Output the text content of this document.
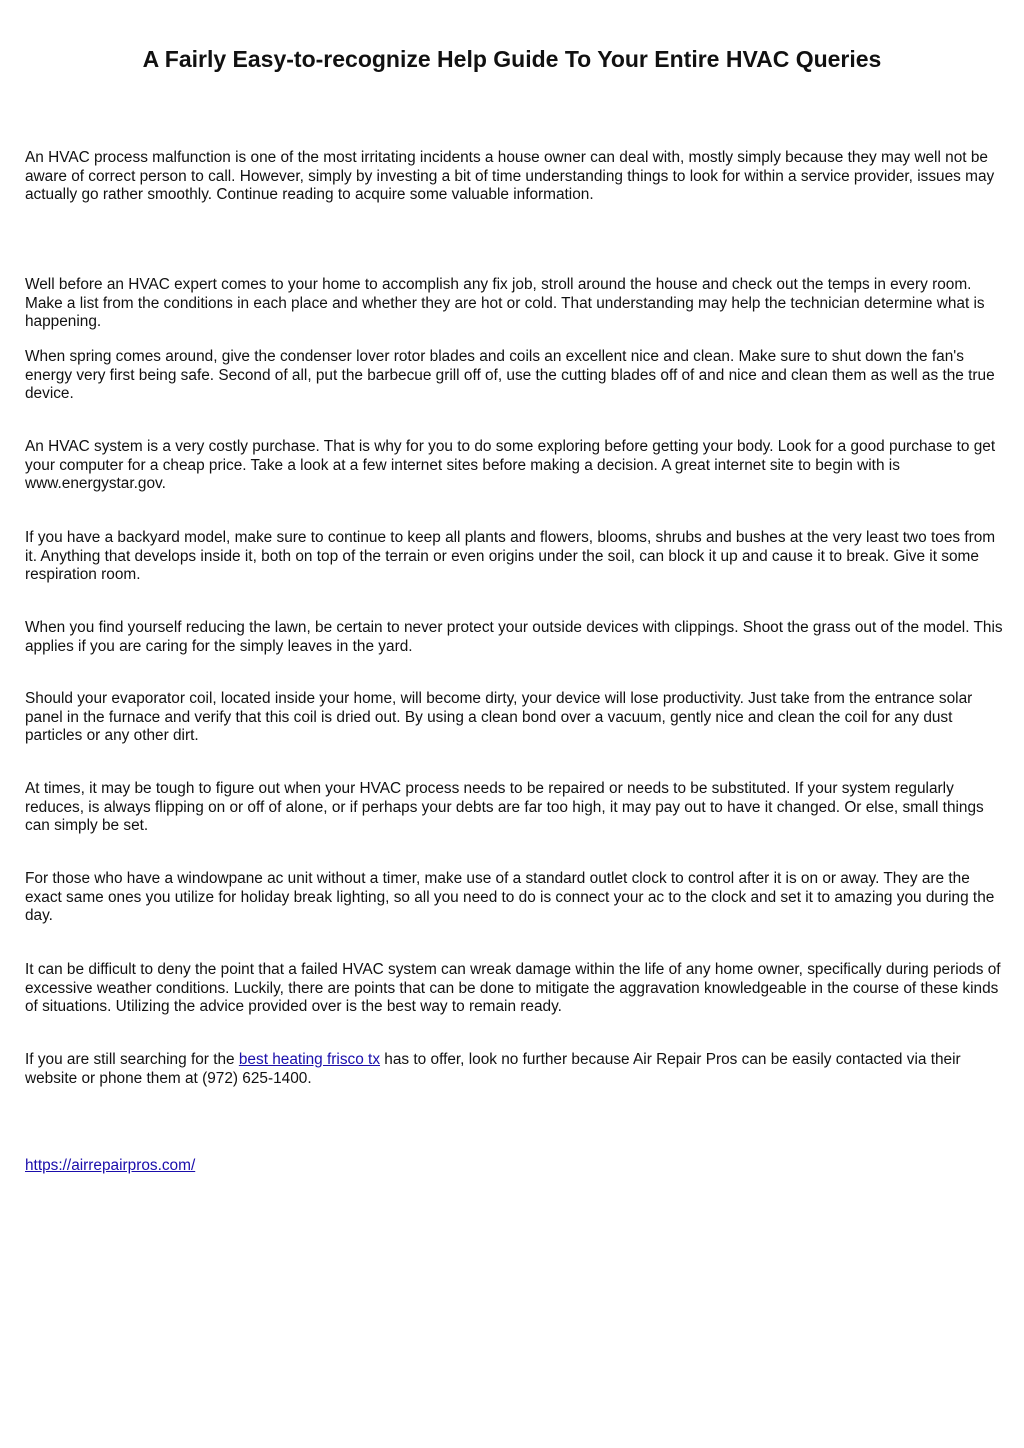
A Fairly Easy-to-recognize Help Guide To Your Entire HVAC Queries

An HVAC process malfunction is one of the most irritating incidents a house owner can deal with, mostly simply because they may well not be aware of correct person to call. However, simply by investing a bit of time understanding things to look for within a service provider, issues may actually go rather smoothly. Continue reading to acquire some valuable information.

Well before an HVAC expert comes to your home to accomplish any fix job, stroll around the house and check out the temps in every room. Make a list from the conditions in each place and whether they are hot or cold. That understanding may help the technician determine what is happening.

When spring comes around, give the condenser lover rotor blades and coils an excellent nice and clean. Make sure to shut down the fan's energy very first being safe. Second of all, put the barbecue grill off of, use the cutting blades off of and nice and clean them as well as the true device.

An HVAC system is a very costly purchase. That is why for you to do some exploring before getting your body. Look for a good purchase to get your computer for a cheap price. Take a look at a few internet sites before making a decision. A great internet site to begin with is www.energystar.gov.

If you have a backyard model, make sure to continue to keep all plants and flowers, blooms, shrubs and bushes at the very least two toes from it. Anything that develops inside it, both on top of the terrain or even origins under the soil, can block it up and cause it to break. Give it some respiration room.

When you find yourself reducing the lawn, be certain to never protect your outside devices with clippings. Shoot the grass out of the model. This applies if you are caring for the simply leaves in the yard.

Should your evaporator coil, located inside your home, will become dirty, your device will lose productivity. Just take from the entrance solar panel in the furnace and verify that this coil is dried out. By using a clean bond over a vacuum, gently nice and clean the coil for any dust particles or any other dirt.

At times, it may be tough to figure out when your HVAC process needs to be repaired or needs to be substituted. If your system regularly reduces, is always flipping on or off of alone, or if perhaps your debts are far too high, it may pay out to have it changed. Or else, small things can simply be set.

For those who have a windowpane ac unit without a timer, make use of a standard outlet clock to control after it is on or away. They are the exact same ones you utilize for holiday break lighting, so all you need to do is connect your ac to the clock and set it to amazing you during the day.

It can be difficult to deny the point that a failed HVAC system can wreak damage within the life of any home owner, specifically during periods of excessive weather conditions. Luckily, there are points that can be done to mitigate the aggravation knowledgeable in the course of these kinds of situations. Utilizing the advice provided over is the best way to remain ready.

If you are still searching for the best heating frisco tx has to offer, look no further because Air Repair Pros can be easily contacted via their website or phone them at (972) 625-1400.

https://airrepairpros.com/
